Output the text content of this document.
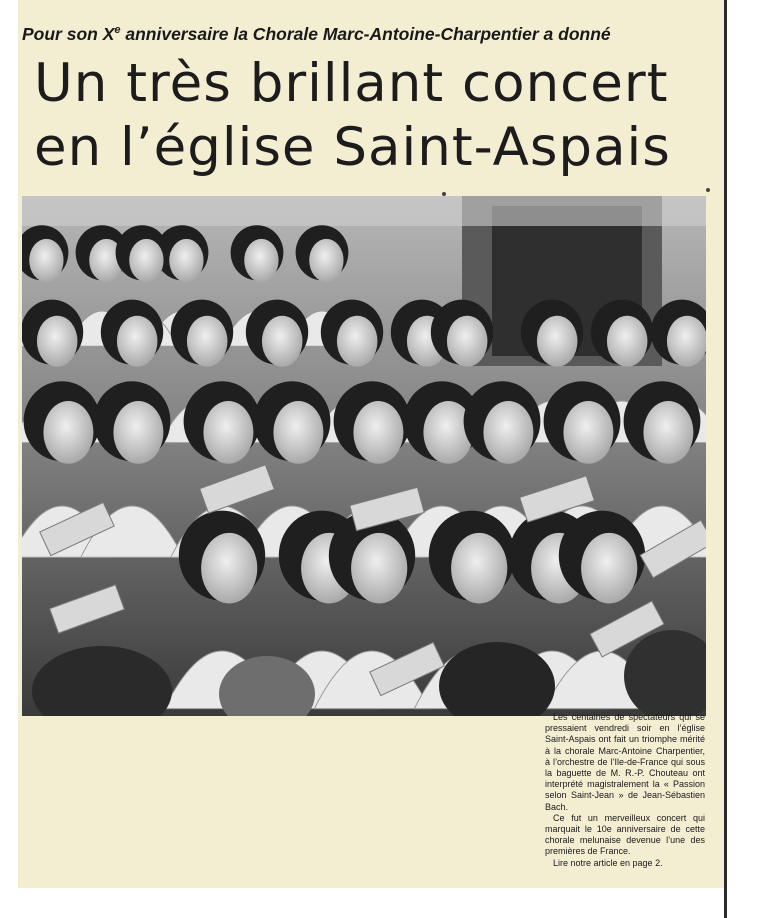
Pour son Xe anniversaire la Chorale Marc-Antoine-Charpentier a donné
Un très brillant concert
en l’église Saint-Aspais

Les centaines de spectateurs qui se pressaient vendredi soir en l’église Saint-Aspais ont fait un triomphe mérité à la chorale Marc-Antoine Charpentier, à l’orchestre de l’Ile-de-France qui sous la baguette de M. R.-P. Chouteau ont interprété magistralement la « Passion selon Saint-Jean » de Jean-Sébastien Bach.

Ce fut un merveilleux concert qui marquait le 10e anniversaire de cette chorale melunaise devenue l’une des premières de France.

Lire notre article en page 2.
